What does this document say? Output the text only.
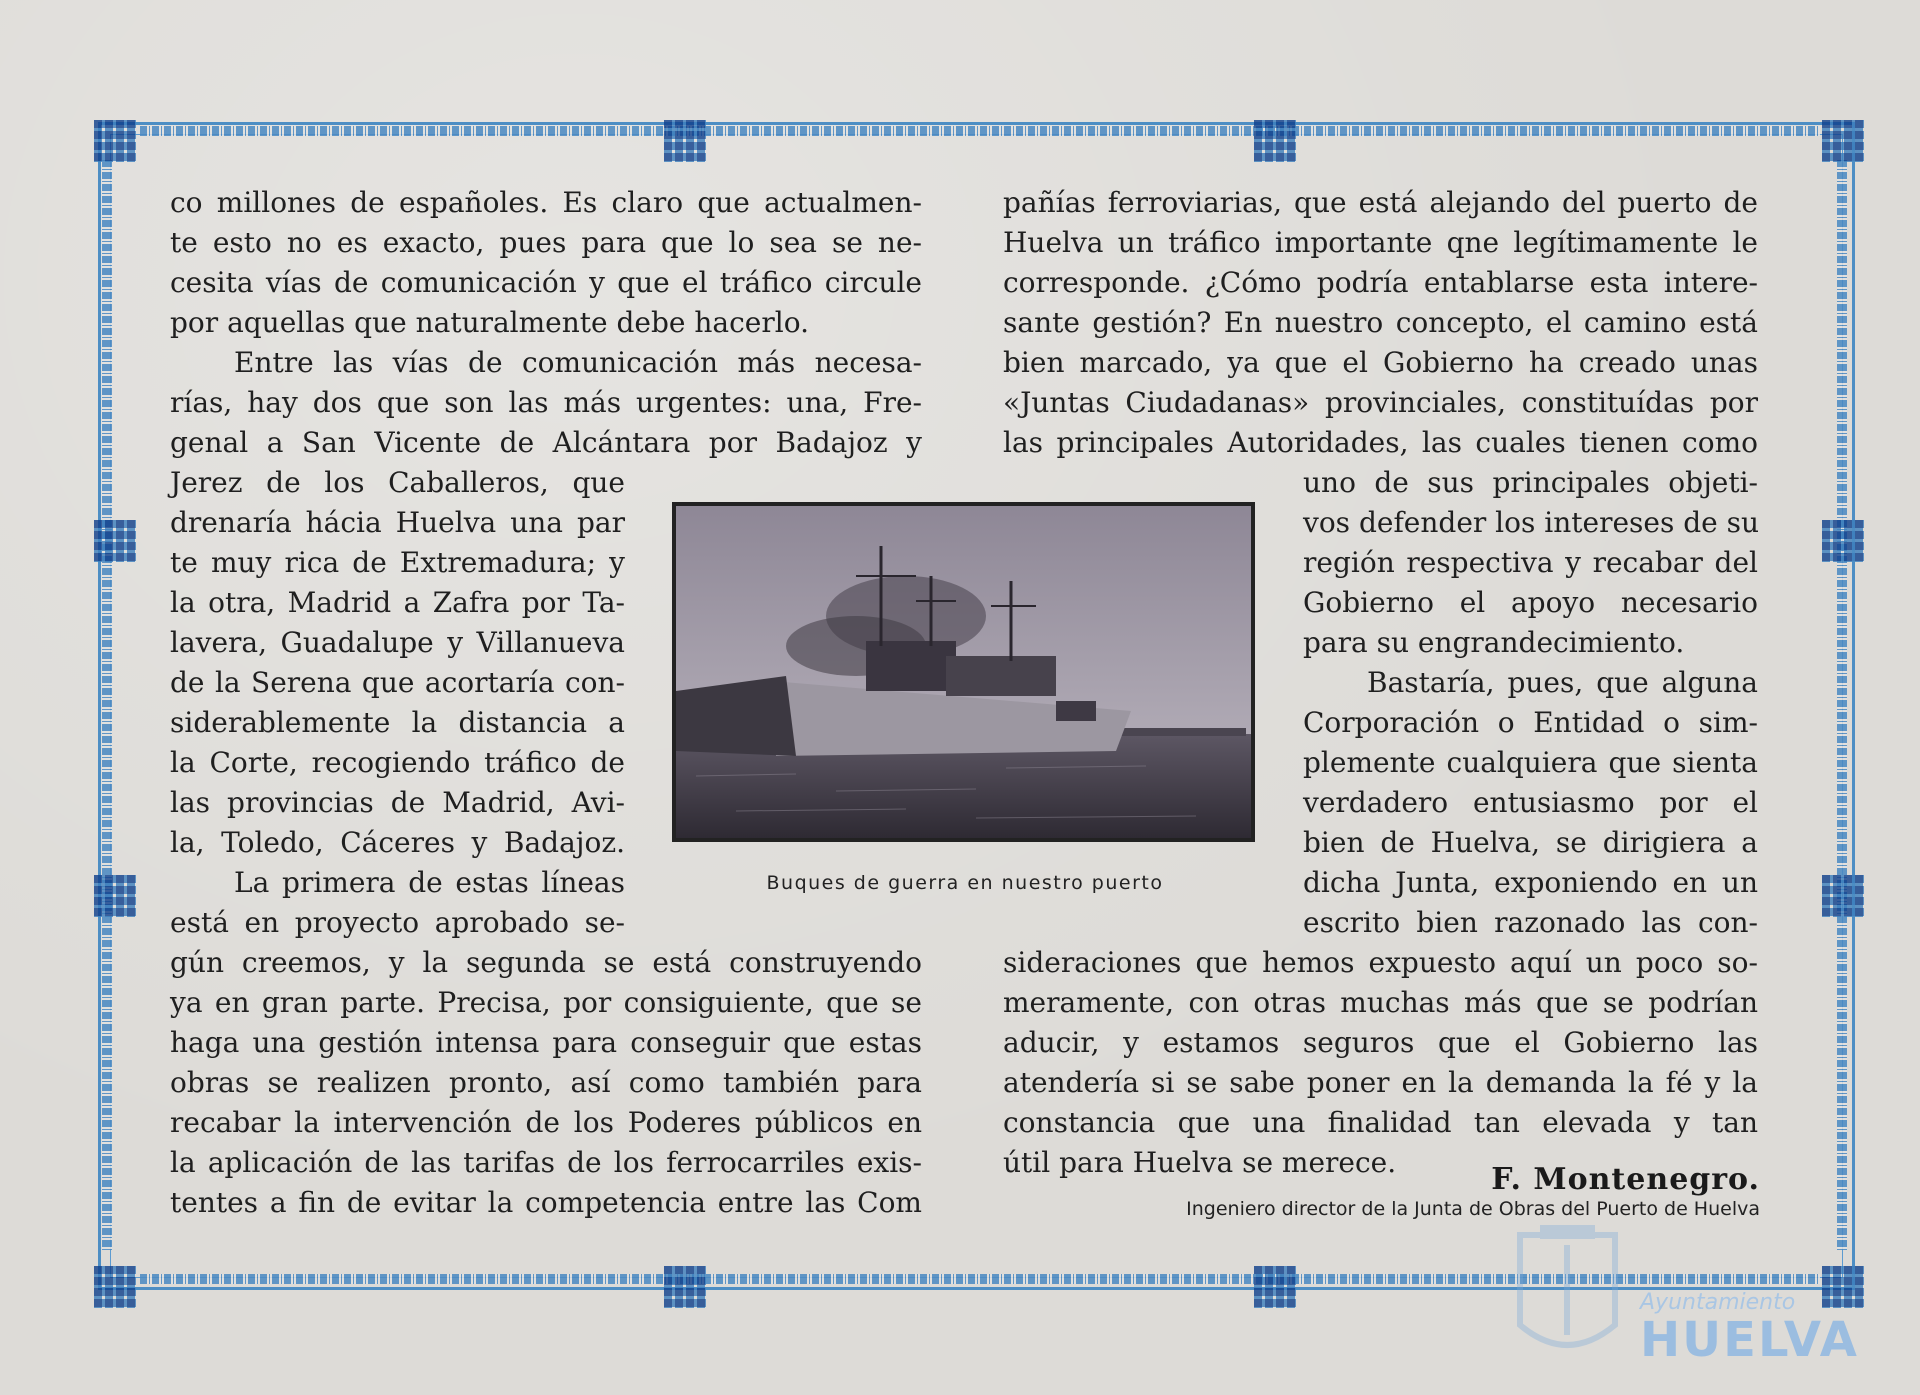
co millones de españoles. Es claro que actualmen-

te esto no es exacto, pues para que lo sea se ne-

cesita vías de comunicación y que el tráfico circule

por aquellas que naturalmente debe hacerlo.

Entre las vías de comunicación más necesa-

rías, hay dos que son las más urgentes: una, Fre-

genal a San Vicente de Alcántara por Badajoz y

Jerez de los Caballeros, que

drenaría hácia Huelva una par

te muy rica de Extremadura; y

la otra, Madrid a Zafra por Ta-

lavera, Guadalupe y Villanueva

de la Serena que acortaría con-

siderablemente la distancia a

la Corte, recogiendo tráfico de

las provincias de Madrid, Avi-

la, Toledo, Cáceres y Badajoz.

La primera de estas líneas

está en proyecto aprobado se-

gún creemos, y la segunda se está construyendo

ya en gran parte. Precisa, por consiguiente, que se

haga una gestión intensa para conseguir que estas

obras se realizen pronto, así como también para

recabar la intervención de los Poderes públicos en

la aplicación de las tarifas de los ferrocarriles exis-

tentes a fin de evitar la competencia entre las Com

pañías ferroviarias, que está alejando del puerto de

Huelva un tráfico importante qne legítimamente le

corresponde. ¿Cómo podría entablarse esta intere-

sante gestión? En nuestro concepto, el camino está

bien marcado, ya que el Gobierno ha creado unas

«Juntas Ciudadanas» provinciales, constituídas por

las principales Autoridades, las cuales tienen como

uno de sus principales objeti-

vos defender los intereses de su

región respectiva y recabar del

Gobierno el apoyo necesario

para su engrandecimiento.

Bastaría, pues, que alguna

Corporación o Entidad o sim-

plemente cualquiera que sienta

verdadero entusiasmo por el

bien de Huelva, se dirigiera a

dicha Junta, exponiendo en un

escrito bien razonado las con-

sideraciones que hemos expuesto aquí un poco so-

meramente, con otras muchas más que se podrían

aducir, y estamos seguros que el Gobierno las

atendería si se sabe poner en la demanda la fé y la

constancia que una finalidad tan elevada y tan

útil para Huelva se merece.

Buques de guerra en nuestro puerto
F. Montenegro.
Ingeniero director de la Junta de Obras del Puerto de Huelva
Ayuntamiento
HUELVA
